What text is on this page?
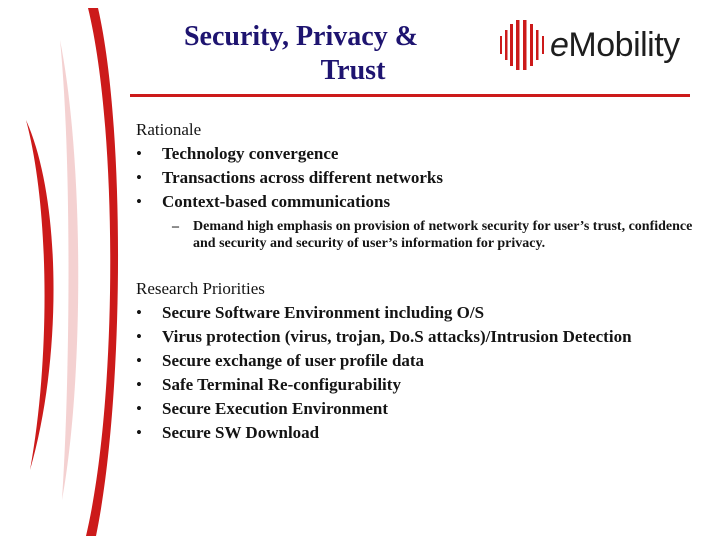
Security, Privacy &
Trust
eMobility
Rationale
• Technology convergence
• Transactions across different networks
• Context-based communications
– Demand high emphasis on provision of network security for user’s trust, confidence and security and security of user’s information for privacy.
Research Priorities
• Secure Software Environment including O/S
• Virus protection (virus, trojan, Do.S attacks)/Intrusion Detection
• Secure exchange of user profile data
• Safe Terminal Re-configurability
• Secure Execution Environment
• Secure SW Download
